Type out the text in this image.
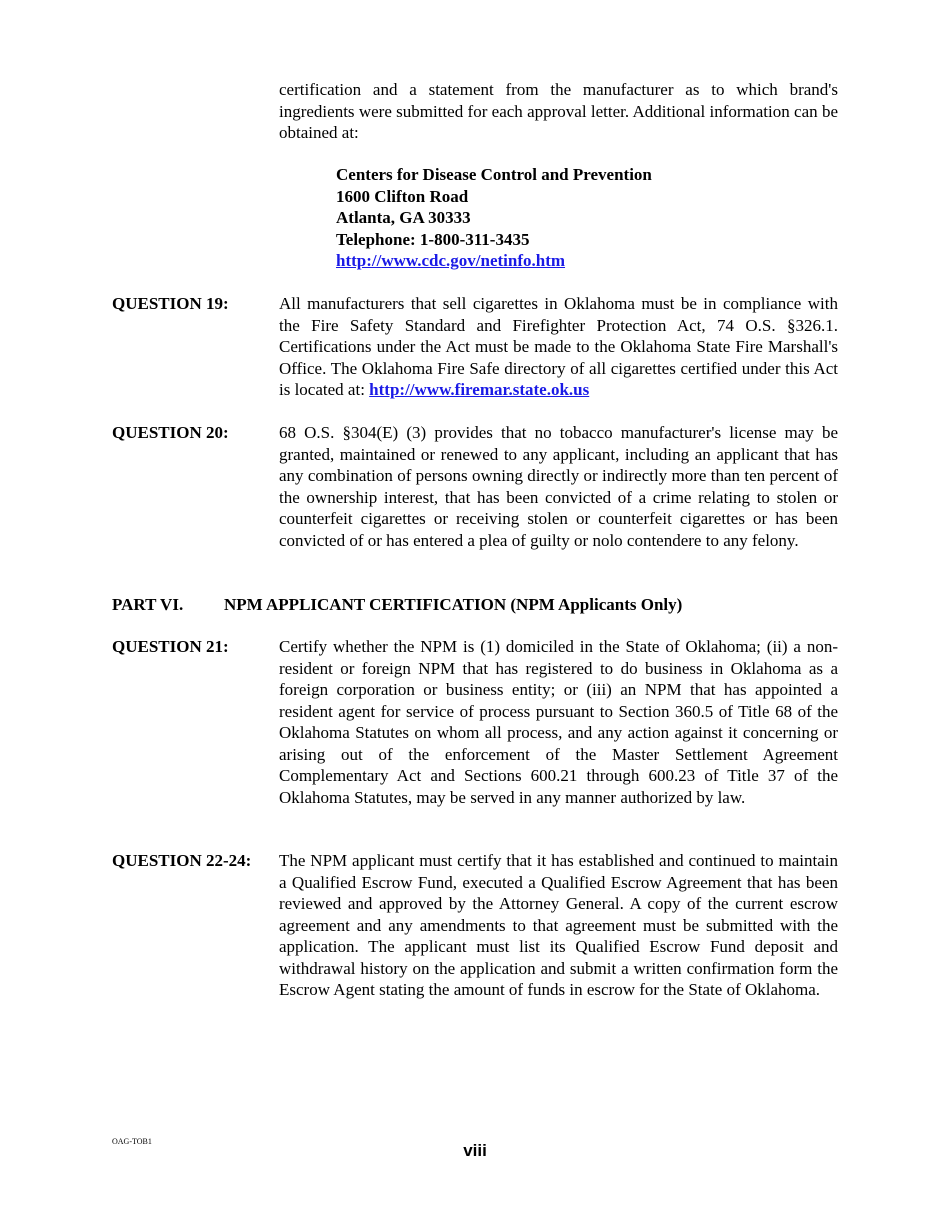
certification and a statement from the manufacturer as to which brand's ingredients were submitted for each approval letter. Additional information can be obtained at:

Centers for Disease Control and Prevention
1600 Clifton Road
Atlanta, GA 30333
Telephone: 1-800-311-3435
http://www.cdc.gov/netinfo.htm
QUESTION 19:	All manufacturers that sell cigarettes in Oklahoma must be in compliance with the Fire Safety Standard and Firefighter Protection Act, 74 O.S. §326.1. Certifications under the Act must be made to the Oklahoma State Fire Marshall's Office. The Oklahoma Fire Safe directory of all cigarettes certified under this Act is located at: http://www.firemar.state.ok.us

QUESTION 20:	68 O.S. §304(E) (3) provides that no tobacco manufacturer's license may be granted, maintained or renewed to any applicant, including an applicant that has any combination of persons owning directly or indirectly more than ten percent of the ownership interest, that has been convicted of a crime relating to stolen or counterfeit cigarettes or receiving stolen or counterfeit cigarettes or has been convicted of or has entered a plea of guilty or nolo contendere to any felony.

PART VI. NPM APPLICANT CERTIFICATION (NPM Applicants Only)
QUESTION 21:	Certify whether the NPM is (1) domiciled in the State of Oklahoma; (ii) a non-resident or foreign NPM that has registered to do business in Oklahoma as a foreign corporation or business entity; or (iii) an NPM that has appointed a resident agent for service of process pursuant to Section 360.5 of Title 68 of the Oklahoma Statutes on whom all process, and any action against it concerning or arising out of the enforcement of the Master Settlement Agreement Complementary Act and Sections 600.21 through 600.23 of Title 37 of the Oklahoma Statutes, may be served in any manner authorized by law.

QUESTION 22-24: The NPM applicant must certify that it has established and continued to maintain a Qualified Escrow Fund, executed a Qualified Escrow Agreement that has been reviewed and approved by the Attorney General. A copy of the current escrow agreement and any amendments to that agreement must be submitted with the application. The applicant must list its Qualified Escrow Fund deposit and withdrawal history on the application and submit a written confirmation form the Escrow Agent stating the amount of funds in escrow for the State of Oklahoma.

OAG-TOB1	viii
